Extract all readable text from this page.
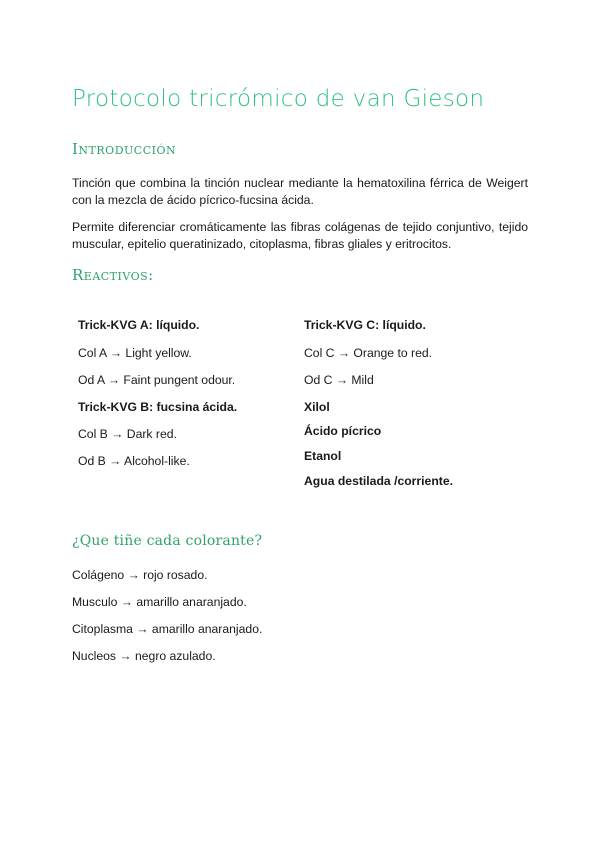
Protocolo tricrómico de van Gieson
Introducción
Tinción que combina la tinción nuclear mediante la hematoxilina férrica de Weigert con la mezcla de ácido pícrico-fucsina ácida.
Permite diferenciar cromáticamente las fibras colágenas de tejido conjuntivo, tejido muscular, epitelio queratinizado, citoplasma, fibras gliales y eritrocitos.
Reactivos:
Trick-KVG A: líquido.
Col A → Light yellow.
Od A → Faint pungent odour.
Trick-KVG B: fucsina ácida.
Col B → Dark red.
Od B → Alcohol-like.
Trick-KVG C: líquido.
Col C → Orange to red.
Od C → Mild
Xilol
Ácido pícrico
Etanol
Agua destilada /corriente.
¿Que tiñe cada colorante?
Colágeno → rojo rosado.
Musculo → amarillo anaranjado.
Citoplasma → amarillo anaranjado.
Nucleos → negro azulado.
